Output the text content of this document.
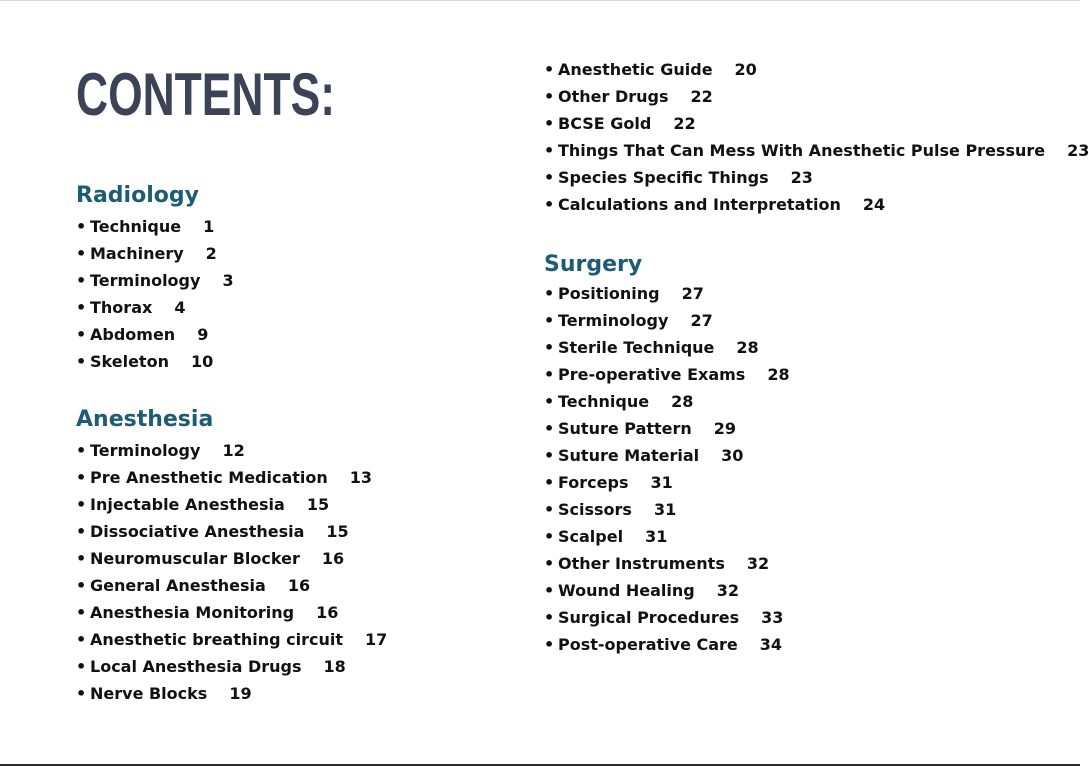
CONTENTS:
Radiology
• Technique 1
• Machinery 2
• Terminology 3
• Thorax 4
• Abdomen 9
• Skeleton 10
Anesthesia
• Terminology 12
• Pre Anesthetic Medication 13
• Injectable Anesthesia 15
• Dissociative Anesthesia 15
• Neuromuscular Blocker 16
• General Anesthesia 16
• Anesthesia Monitoring 16
• Anesthetic breathing circuit 17
• Local Anesthesia Drugs 18
• Nerve Blocks 19
• Anesthetic Guide 20
• Other Drugs 22
• BCSE Gold 22
• Things That Can Mess With Anesthetic Pulse Pressure 23
• Species Specific Things 23
• Calculations and Interpretation 24
Surgery
• Positioning 27
• Terminology 27
• Sterile Technique 28
• Pre-operative Exams 28
• Technique 28
• Suture Pattern 29
• Suture Material 30
• Forceps 31
• Scissors 31
• Scalpel 31
• Other Instruments 32
• Wound Healing 32
• Surgical Procedures 33
• Post-operative Care 34
